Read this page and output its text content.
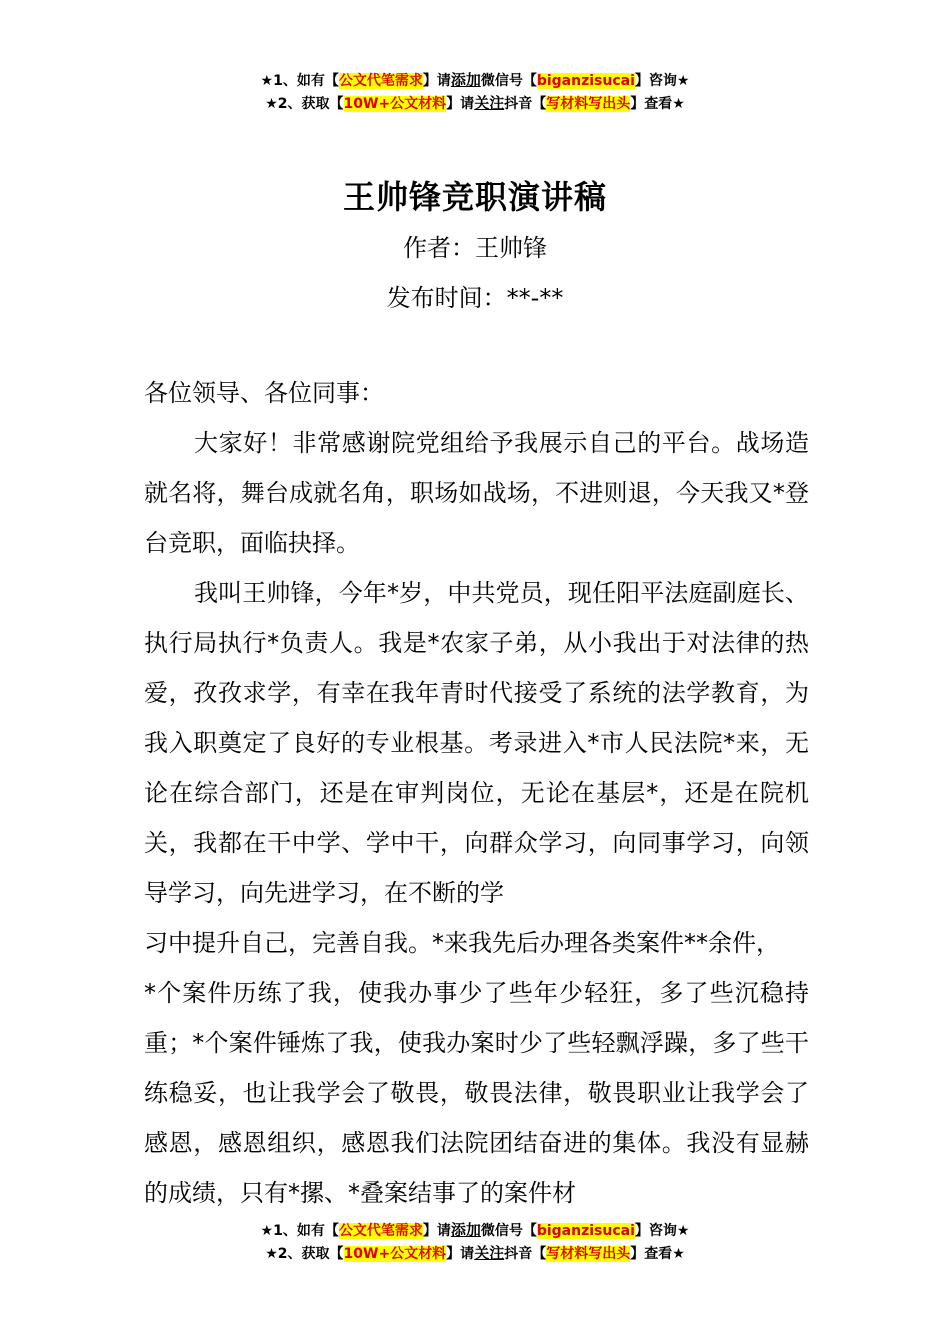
★1、如有【公文代笔需求】请添加微信号【biganzisucai】咨询★
★2、获取【10W+公文材料】请关注抖音【写材料写出头】查看★
王帅锋竞职演讲稿
作者：王帅锋
发布时间：**-**

各位领导、各位同事：

大家好！非常感谢院党组给予我展示自己的平台。战场造就名将，舞台成就名角，职场如战场，不进则退，今天我又*登台竞职，面临抉择。

我叫王帅锋，今年*岁，中共党员，现任阳平法庭副庭长、执行局执行*负责人。我是*农家子弟，从小我出于对法律的热爱，孜孜求学，有幸在我年青时代接受了系统的法学教育，为我入职奠定了良好的专业根基。考录进入*市人民法院*来，无论在综合部门，还是在审判岗位，无论在基层*，还是在院机关，我都在干中学、学中干，向群众学习，向同事学习，向领导学习，向先进学习，在不断的学

习中提升自己，完善自我。*来我先后办理各类案件**余件，

*个案件历练了我，使我办事少了些年少轻狂，多了些沉稳持重；*个案件锤炼了我，使我办案时少了些轻飘浮躁，多了些干练稳妥，也让我学会了敬畏，敬畏法律，敬畏职业让我学会了感恩，感恩组织，感恩我们法院团结奋进的集体。我没有显赫的成绩，只有*摞、*叠案结事了的案件材

★1、如有【公文代笔需求】请添加微信号【biganzisucai】咨询★
★2、获取【10W+公文材料】请关注抖音【写材料写出头】查看★
